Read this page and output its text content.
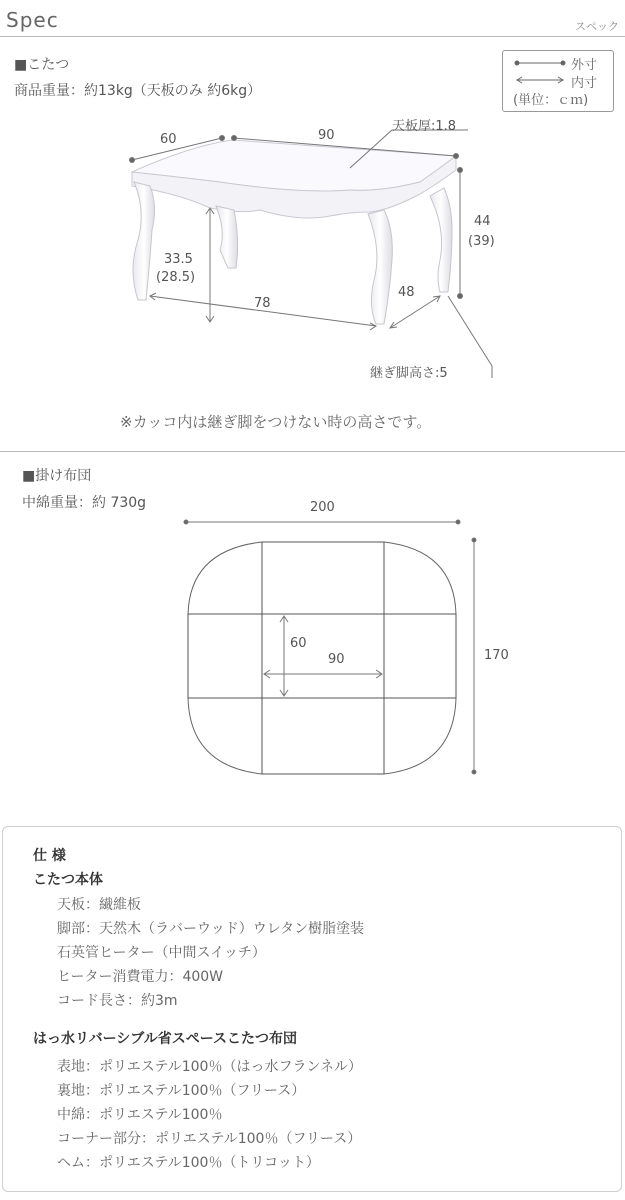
Spec	スペック
■こたつ
商品重量：約13kg（天板のみ 約6kg）
外寸
内寸
(単位：ｃｍ)
60	90
天板厚:1.8
44
(39)
33.5
(28.5)
78
48
継ぎ脚高さ:5
※カッコ内は継ぎ脚をつけない時の高さです。
■掛け布団
中綿重量：約 730g	200
170
60
90
仕 様
こたつ本体
天板：繊維板
脚部：天然木（ラバーウッド）ウレタン樹脂塗装
石英管ヒーター（中間スイッチ）
ヒーター消費電力：400W
コード長さ：約3m
はっ水リバーシブル省スペースこたつ布団
表地：ポリエステル100％（はっ水フランネル）
裏地：ポリエステル100％（フリース）
中綿：ポリエステル100％
コーナー部分：ポリエステル100％（フリース）
ヘム：ポリエステル100％（トリコット）
